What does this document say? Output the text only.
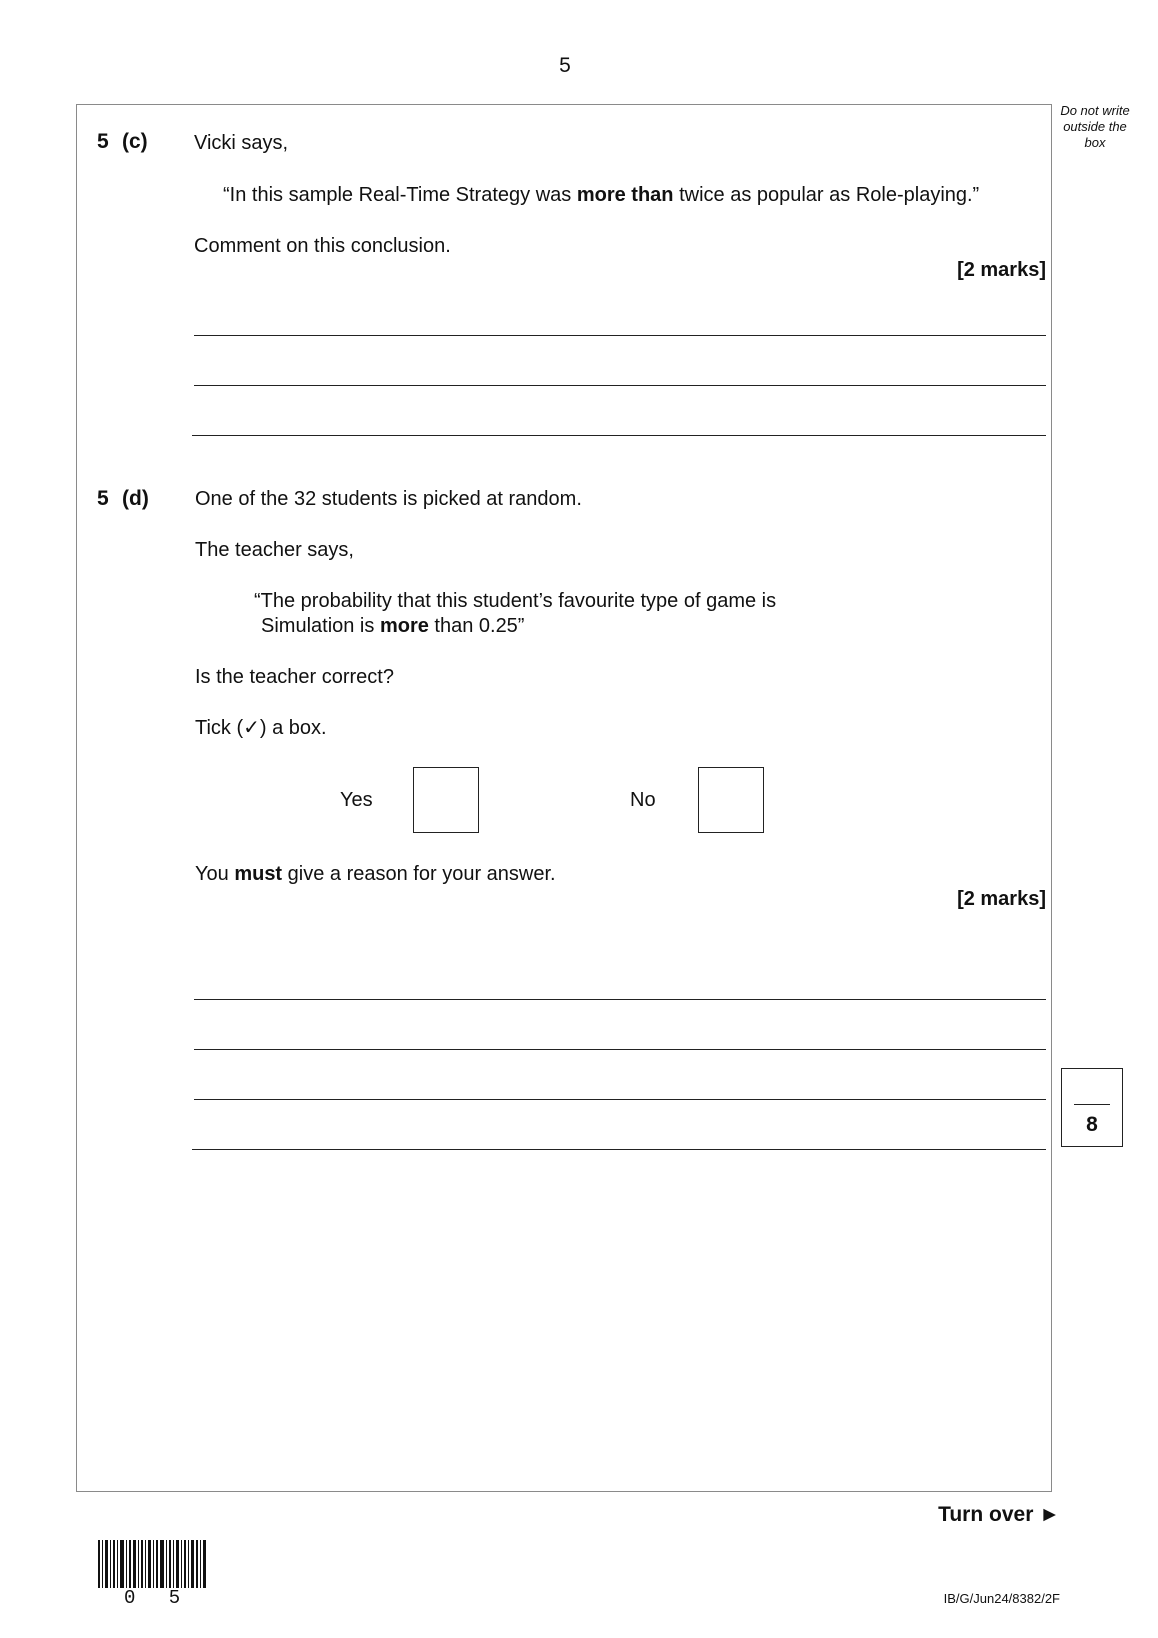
5
Do not write outside the box
5 (c) Vicki says,
“In this sample Real-Time Strategy was more than twice as popular as Role-playing.”
Comment on this conclusion.
[2 marks]
5 (d) One of the 32 students is picked at random.
The teacher says,
“The probability that this student’s favourite type of game is
Simulation is more than 0.25”
Is the teacher correct?
Tick (✓) a box.
Yes	No
You must give a reason for your answer.
[2 marks]
8
Turn over ►
0 5	IB/G/Jun24/8382/2F
